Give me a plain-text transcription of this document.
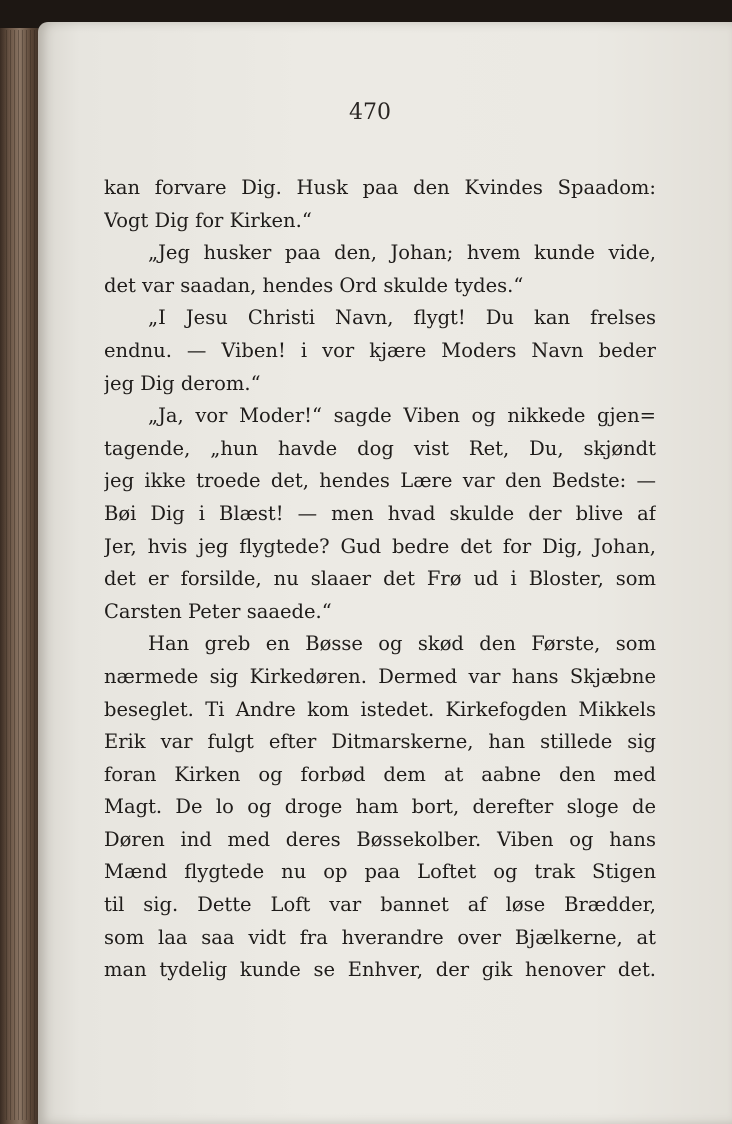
470
kan forvare Dig. Husk paa den Kvindes Spaadom:
Vogt Dig for Kirken.“
„Jeg husker paa den, Johan; hvem kunde vide,
det var saadan, hendes Ord skulde tydes.“
„I Jesu Christi Navn, flygt! Du kan frelses
endnu. — Viben! i vor kjære Moders Navn beder
jeg Dig derom.“
„Ja, vor Moder!“ sagde Viben og nikkede gjen=
tagende, „hun havde dog vist Ret, Du, skjøndt
jeg ikke troede det, hendes Lære var den Bedste: —
Bøi Dig i Blæst! — men hvad skulde der blive af
Jer, hvis jeg flygtede? Gud bedre det for Dig, Johan,
det er forsilde, nu slaaer det Frø ud i Bloster, som
Carsten Peter saaede.“
Han greb en Bøsse og skød den Første, som
nærmede sig Kirkedøren. Dermed var hans Skjæbne
beseglet. Ti Andre kom istedet. Kirkefogden Mikkels
Erik var fulgt efter Ditmarskerne, han stillede sig
foran Kirken og forbød dem at aabne den med
Magt. De lo og droge ham bort, derefter sloge de
Døren ind med deres Bøssekolber. Viben og hans
Mænd flygtede nu op paa Loftet og trak Stigen
til sig. Dette Loft var bannet af løse Brædder,
som laa saa vidt fra hverandre over Bjælkerne, at
man tydelig kunde se Enhver, der gik henover det.
